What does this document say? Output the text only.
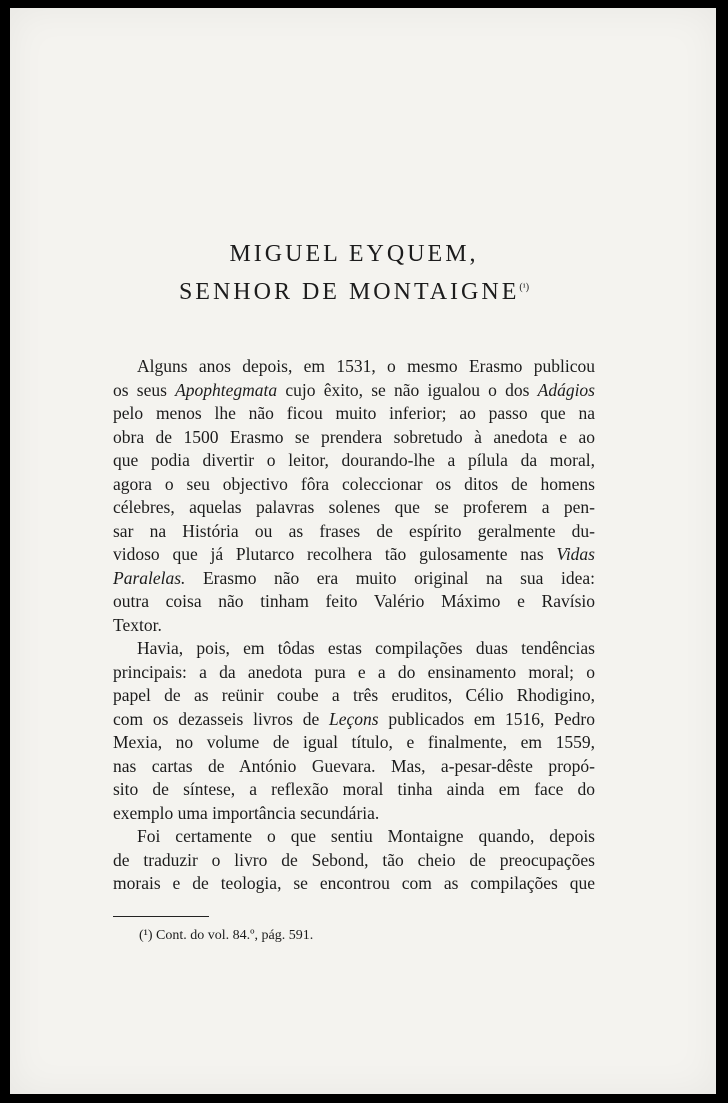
MIGUEL EYQUEM,
SENHOR DE $MONTAIGNE^{(^1)}$
Alguns anos depois, em 1531, o mesmo Erasmo publicou
os seus Apophtegmata cujo êxito, se não igualou o dos Adágios
pelo menos lhe não ficou muito inferior; ao passo que na
obra de 1500 Erasmo se prendera sobretudo à anedota e ao
que podia divertir o leitor, dourando-lhe a pílula da moral,
agora o seu objectivo fôra coleccionar os ditos de homens
célebres, aquelas palavras solenes que se proferem a pen-
sar na História ou as frases de espírito geralmente du-
vidoso que já Plutarco recolhera tão gulosamente nas Vidas
Paralelas. Erasmo não era muito original na sua idea:
outra coisa não tinham feito Valério Máximo e Ravísio
Textor.
Havia, pois, em tôdas estas compilações duas tendências
principais: a da anedota pura e a do ensinamento moral; o
papel de as reünir coube a três eruditos, Célio Rhodigino,
com os dezasseis livros de Leçons publicados em 1516, Pedro
Mexia, no volume de igual título, e finalmente, em 1559,
nas cartas de António Guevara. Mas, a-pesar-dêste propó-
sito de síntese, a reflexão moral tinha ainda em face do
exemplo uma importância secundária.
Foi certamente o que sentiu Montaigne quando, depois
de traduzir o livro de Sebond, tão cheio de preocupações
morais e de teologia, se encontrou com as compilações que
(¹) Cont. do vol. 84.º, pág. 591.
